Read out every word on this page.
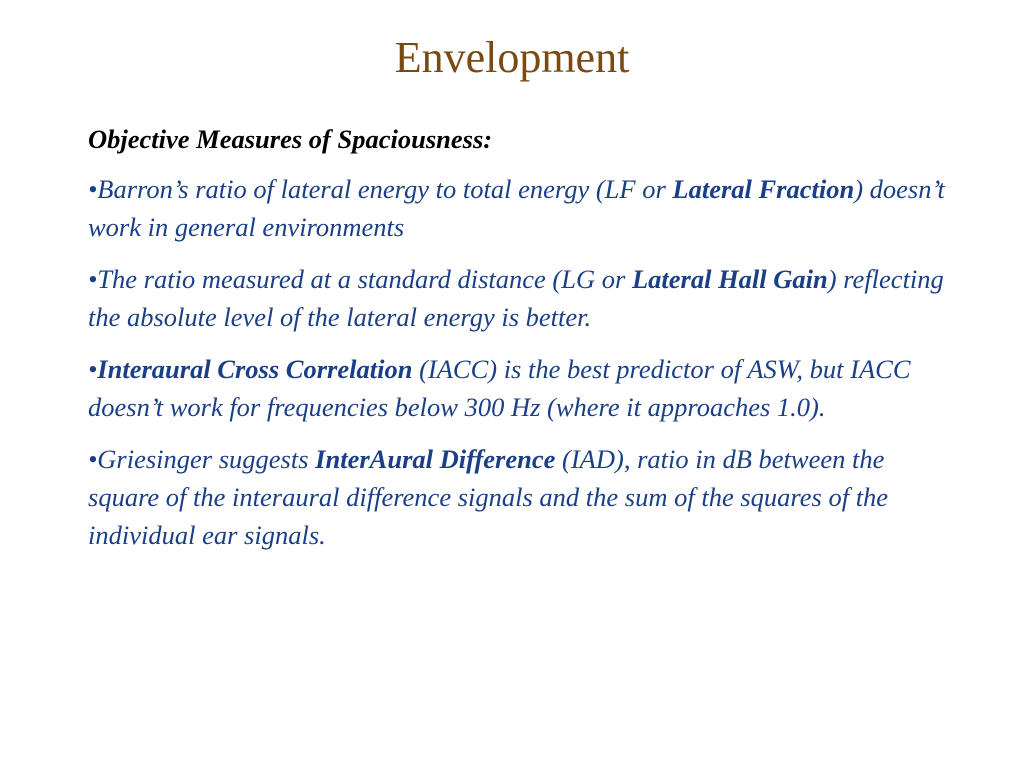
Envelopment

Objective Measures of Spaciousness:

•Barron’s ratio of lateral energy to total energy (LF or Lateral Fraction) doesn’t work in general environments

•The ratio measured at a standard distance (LG or Lateral Hall Gain) reflecting the absolute level of the lateral energy is better.

•Interaural Cross Correlation (IACC) is the best predictor of ASW, but IACC doesn’t work for frequencies below 300 Hz (where it approaches 1.0).

•Griesinger suggests InterAural Difference (IAD), ratio in dB between the square of the interaural difference signals and the sum of the squares of the individual ear signals.
